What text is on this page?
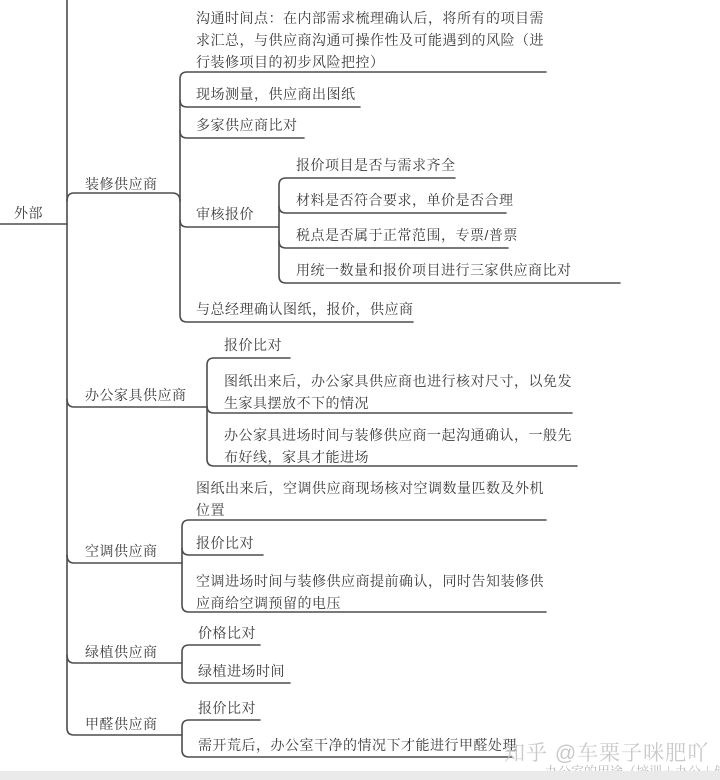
外部
装修供应商
沟通时间点：在内部需求梳理确认后，将所有的项目需求汇总，与供应商沟通可操作性及可能遇到的风险（进行装修项目的初步风险把控）
现场测量，供应商出图纸
多家供应商比对
审核报价
报价项目是否与需求齐全
材料是否符合要求，单价是否合理
税点是否属于正常范围，专票/普票
用统一数量和报价项目进行三家供应商比对
与总经理确认图纸，报价，供应商
办公家具供应商
报价比对
图纸出来后，办公家具供应商也进行核对尺寸，以免发生家具摆放不下的情况
办公家具进场时间与装修供应商一起沟通确认，一般先布好线，家具才能进场
空调供应商
图纸出来后，空调供应商现场核对空调数量匹数及外机位置
报价比对
空调进场时间与装修供应商提前确认，同时告知装修供应商给空调预留的电压
绿植供应商
价格比对
绿植进场时间
甲醛供应商
报价比对
需开荒后，办公室干净的情况下才能进行甲醛处理
知乎 @车栗子咪肥吖
